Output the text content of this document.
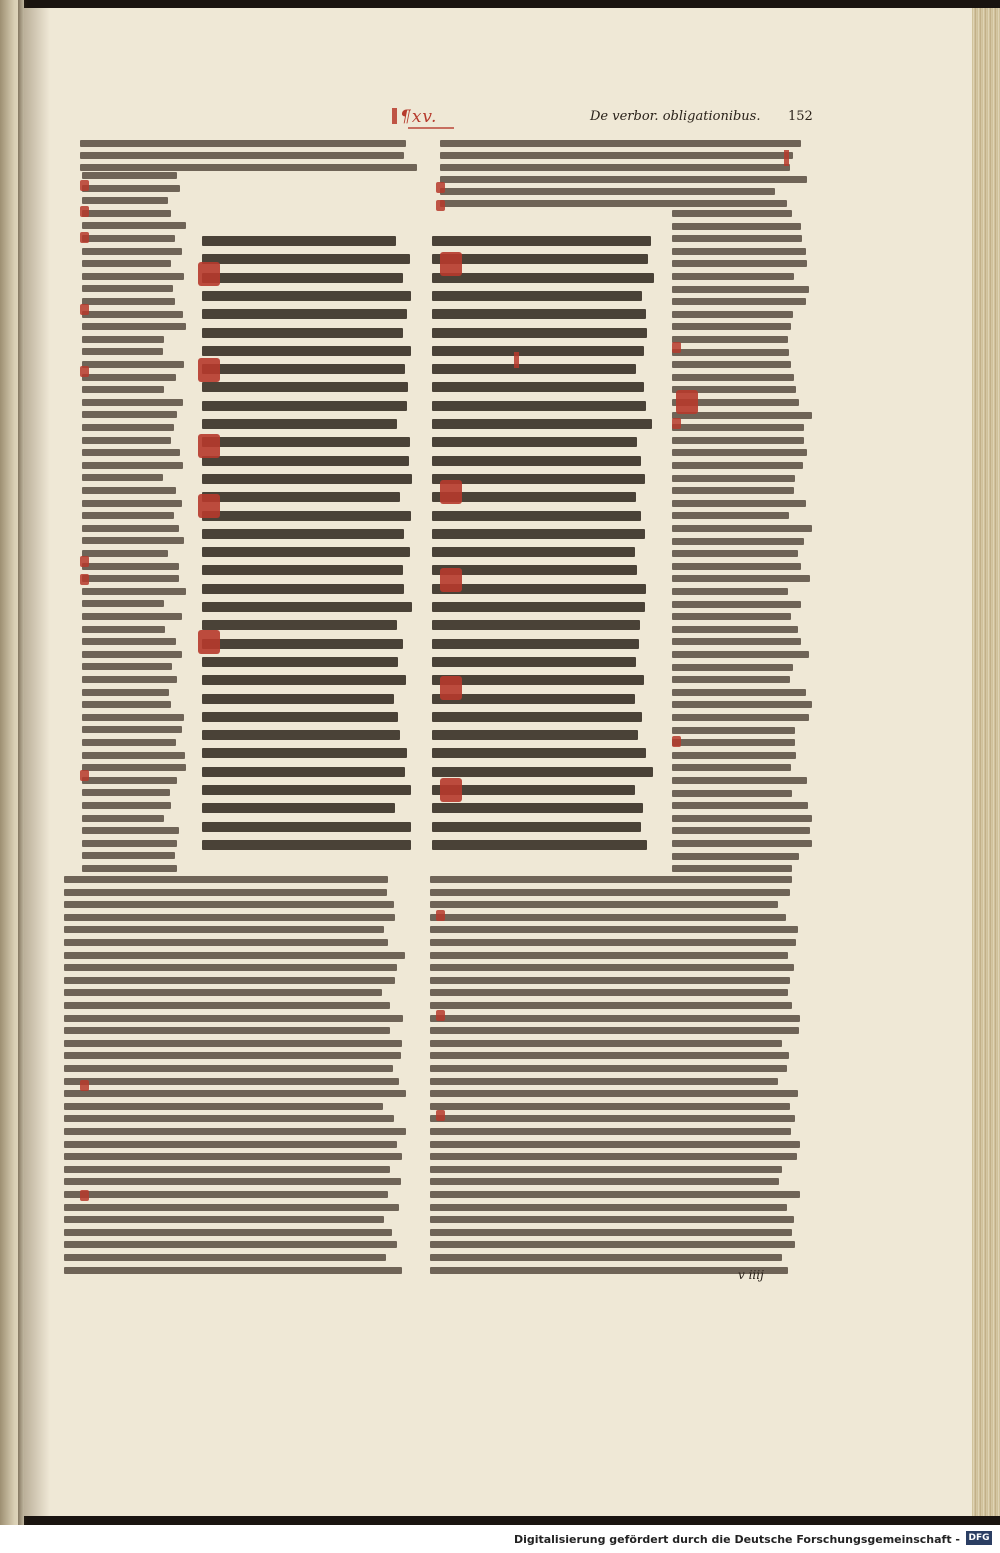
¶xv.	De verbor. obligationibus. 152
v iiij
Digitalisierung gefördert durch die Deutsche Forschungsgemeinschaft - DFG
